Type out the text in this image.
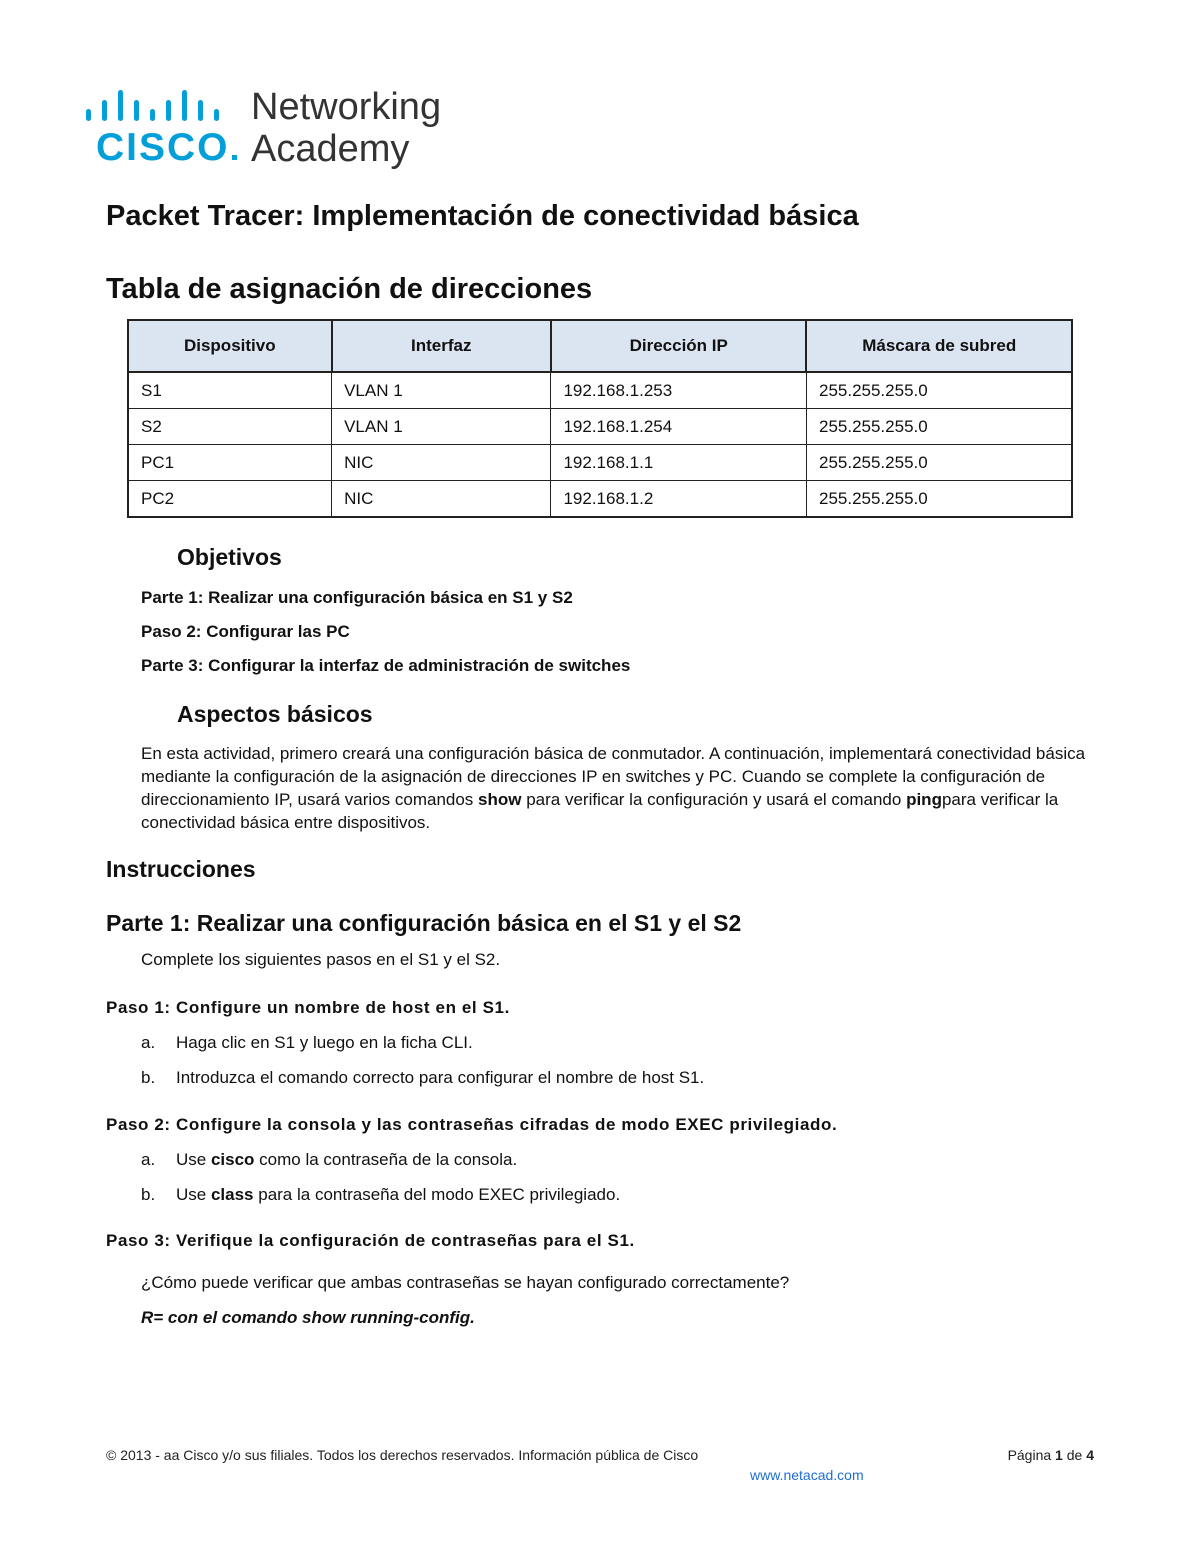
CISCO
Networking
Academy
Packet Tracer: Implementación de conectividad básica
Tabla de asignación de direcciones
Dispositivo	Interfaz	Dirección IP	Máscara de subred
S1	VLAN 1	192.168.1.253	255.255.255.0
S2	VLAN 1	192.168.1.254	255.255.255.0
PC1	NIC	192.168.1.1	255.255.255.0
PC2	NIC	192.168.1.2	255.255.255.0
Objetivos

Parte 1: Realizar una configuración básica en S1 y S2

Paso 2: Configurar las PC

Parte 3: Configurar la interfaz de administración de switches

Aspectos básicos

En esta actividad, primero creará una configuración básica de conmutador. A continuación, implementará conectividad básica mediante la configuración de la asignación de direcciones IP en switches y PC. Cuando se complete la configuración de direccionamiento IP, usará varios comandos show para verificar la configuración y usará el comando pingpara verificar la conectividad básica entre dispositivos.

Instrucciones
Parte 1: Realizar una configuración básica en el S1 y el S2

Complete los siguientes pasos en el S1 y el S2.

Paso 1: Configure un nombre de host en el S1.

a. Haga clic en S1 y luego en la ficha CLI.

b. Introduzca el comando correcto para configurar el nombre de host S1.

Paso 2: Configure la consola y las contraseñas cifradas de modo EXEC privilegiado.

a. Use cisco como la contraseña de la consola.

b. Use class para la contraseña del modo EXEC privilegiado.

Paso 3: Verifique la configuración de contraseñas para el S1.

¿Cómo puede verificar que ambas contraseñas se hayan configurado correctamente?

R= con el comando show running-config.

© 2013 - aa Cisco y/o sus filiales. Todos los derechos reservados. Información pública de Cisco	Página 1 de 4
www.netacad.com
